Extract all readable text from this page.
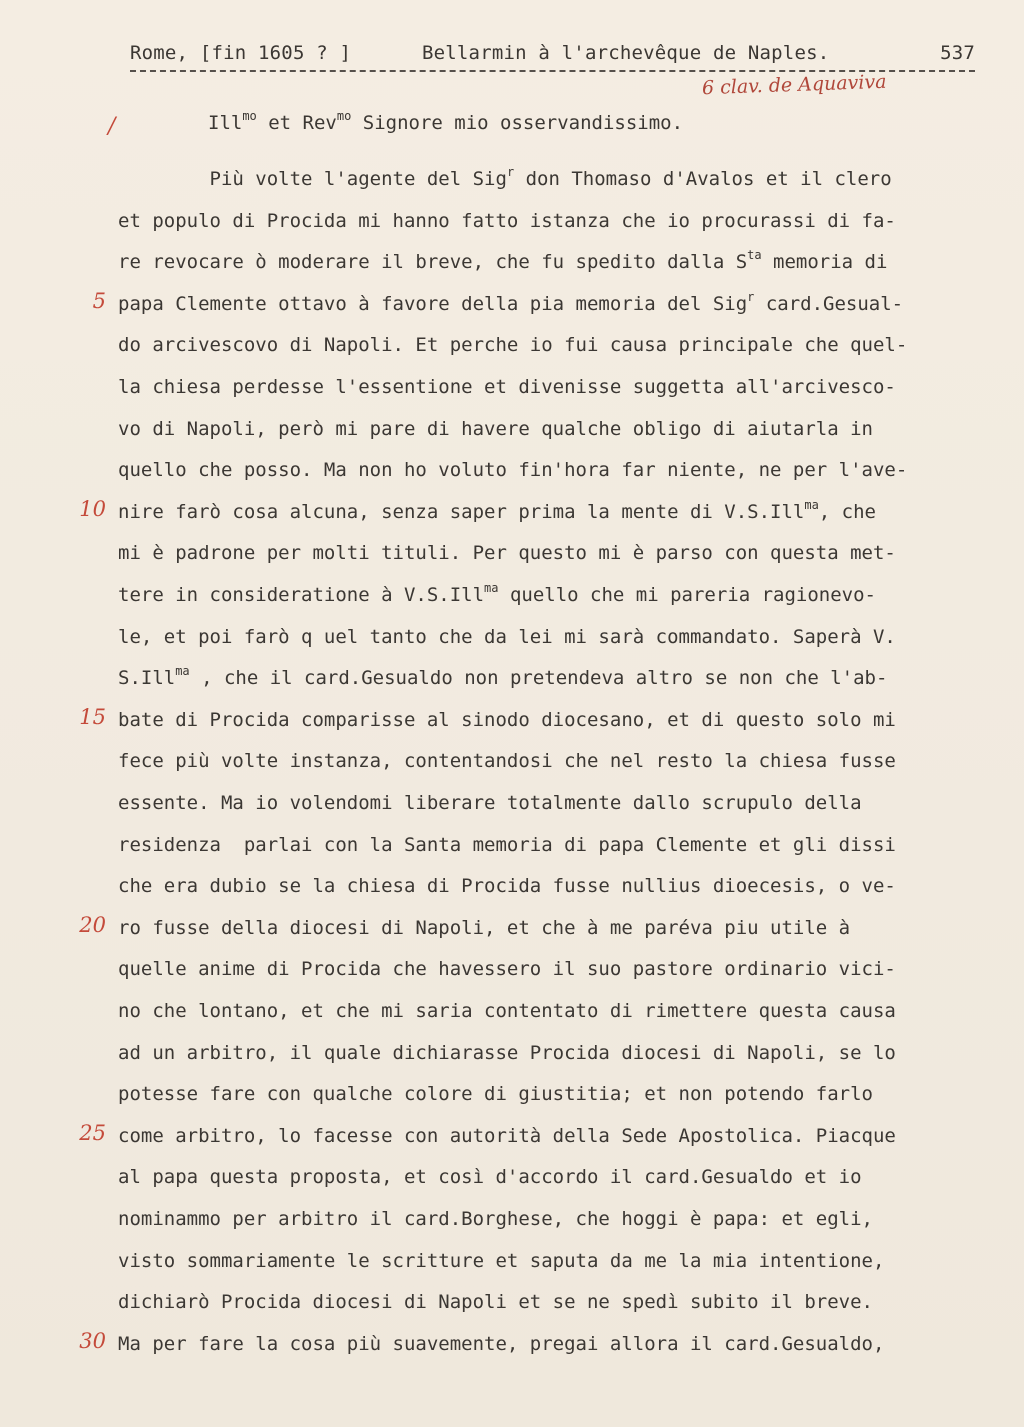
Rome, [fin 1605 ? ]	Bellarmin à l'archevêque de Naples.	537
6 clav. de Aquaviva
/	Ill$^{mo}$ et Rev$^{mo}$ Signore mio osservandissimo.
Più volte l'agente del Sig$^r$ don Thomaso d'Avalos et il clero
et populo di Procida mi hanno fatto istanza che io procurassi di fa-
re revocare ò moderare il breve, che fu spedito dalla $S^{ta}$ memoria di
papa Clemente ottavo à favore della pia memoria del Sig$^r$ card.Gesual-
do arcivescovo di Napoli. Et perche io fui causa principale che quel-
la chiesa perdesse l'essentione et divenisse suggetta all'arcivesco-
vo di Napoli, però mi pare di havere qualche obligo di aiutarla in
quello che posso. Ma non ho voluto fin'hora far niente, ne per l'ave-
nire farò cosa alcuna, senza saper prima la mente di V.S.Ill$^{ma}$, che
mi è padrone per molti tituli. Per questo mi è parso con questa met-
tere in consideratione à V.S.Ill$^{ma}$ quello che mi pareria ragionevo-
le, et poi farò q uel tanto che da lei mi sarà commandato. Saperà V.
S.Ill$^{ma}$ , che il card.Gesualdo non pretendeva altro se non che l'ab-
bate di Procida comparisse al sinodo diocesano, et di questo solo mi
fece più volte instanza, contentandosi che nel resto la chiesa fusse
essente. Ma io volendomi liberare totalmente dallo scrupulo della
residenza  parlai con la Santa memoria di papa Clemente et gli dissi
che era dubio se la chiesa di Procida fusse nullius dioecesis, o ve-
ro fusse della diocesi di Napoli, et che à me paréva piu utile à
quelle anime di Procida che havessero il suo pastore ordinario vici-
no che lontano, et che mi saria contentato di rimettere questa causa
ad un arbitro, il quale dichiarasse Procida diocesi di Napoli, se lo
potesse fare con qualche colore di giustitia; et non potendo farlo
come arbitro, lo facesse con autorità della Sede Apostolica. Piacque
al papa questa proposta, et così d'accordo il card.Gesualdo et io
nominammo per arbitro il card.Borghese, che hoggi è papa: et egli,
visto sommariamente le scritture et saputa da me la mia intentione,
dichiarò Procida diocesi di Napoli et se ne spedì subito il breve.
Ma per fare la cosa più suavemente, pregai allora il card.Gesualdo,
5
10
15
20
25
30
